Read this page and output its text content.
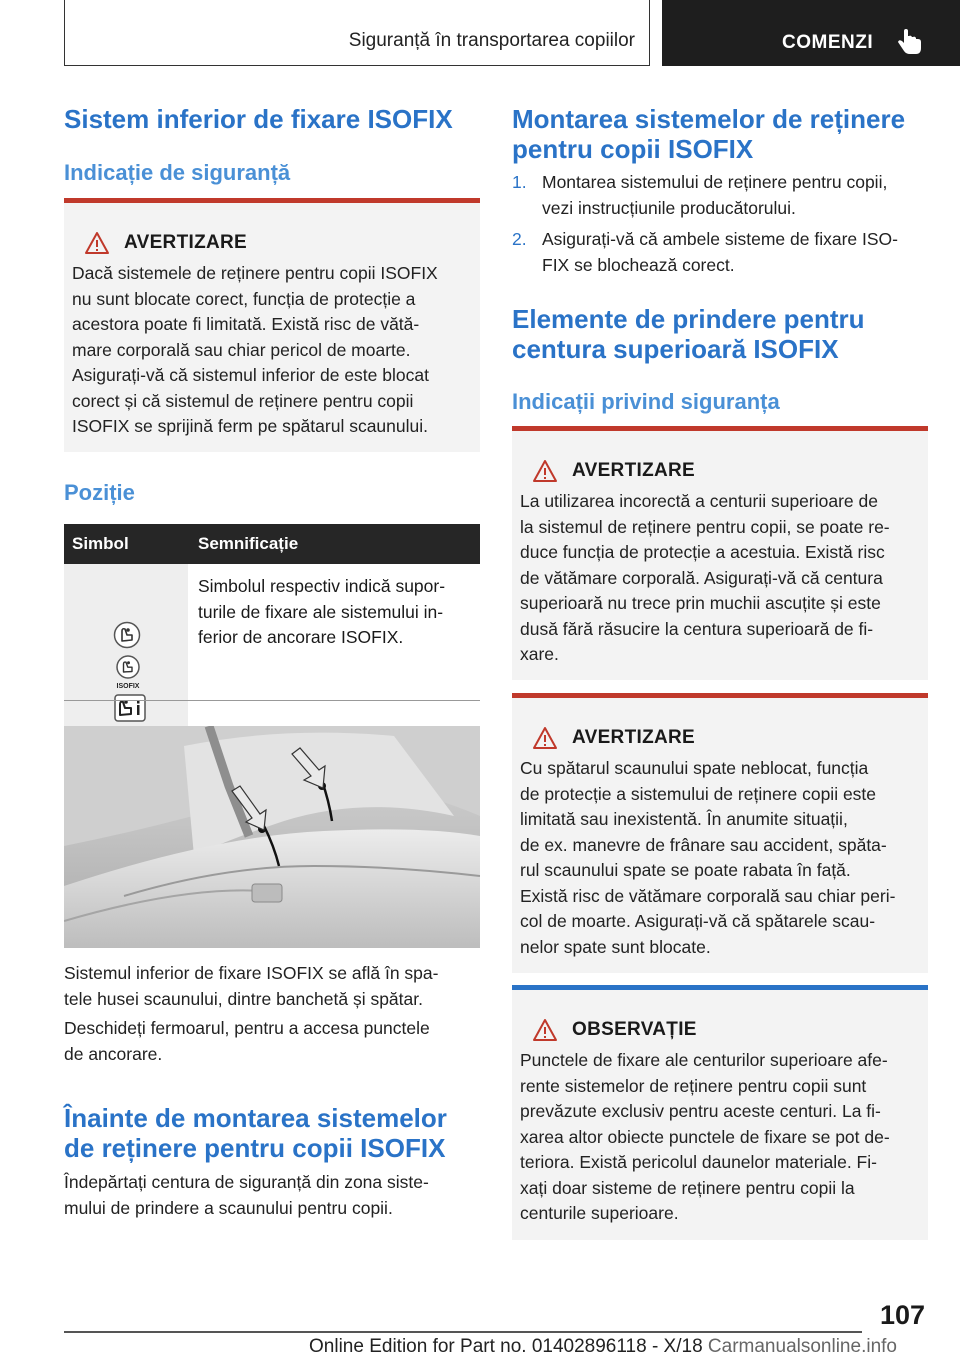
Siguranță în transportarea copiilor	COMENZI
Sistem inferior de fixare ISOFIX
Indicație de siguranță
AVERTIZARE
Dacă sistemele de reținere pentru copii ISOFIX
nu sunt blocate corect, funcția de protecție a
acestora poate fi limitată. Există risc de vătă-
mare corporală sau chiar pericol de moarte.
Asigurați-vă că sistemul inferior de este blocat
corect și că sistemul de reținere pentru copii
ISOFIX se sprijină ferm pe spătarul scaunului.
Poziție
Simbol	Semnificație

ISOFIX	Simbolul respectiv indică supor-
turile de fixare ale sistemului in-
ferior de ancorare ISOFIX.
Sistemul inferior de fixare ISOFIX se află în spa-
tele husei scaunului, dintre banchetă și spătar.
Deschideți fermoarul, pentru a accesa punctele
de ancorare.
Înainte de montarea sistemelor
de reținere pentru copii ISOFIX
Îndepărtați centura de siguranță din zona siste-
mului de prindere a scaunului pentru copii.
Montarea sistemelor de reținere
pentru copii ISOFIX
1. Montarea sistemului de reținere pentru copii,
vezi instrucțiunile producătorului.
2. Asigurați-vă că ambele sisteme de fixare ISO-
FIX se blochează corect.
Elemente de prindere pentru
centura superioară ISOFIX
Indicații privind siguranța
AVERTIZARE
La utilizarea incorectă a centurii superioare de
la sistemul de reținere pentru copii, se poate re-
duce funcția de protecție a acestuia. Există risc
de vătămare corporală. Asigurați-vă că centura
superioară nu trece prin muchii ascuțite și este
dusă fără răsucire la centura superioară de fi-
xare.
AVERTIZARE
Cu spătarul scaunului spate neblocat, funcția
de protecție a sistemului de reținere copii este
limitată sau inexistentă. În anumite situații,
de ex. manevre de frânare sau accident, spăta-
rul scaunului spate se poate rabata în față.
Există risc de vătămare corporală sau chiar peri-
col de moarte. Asigurați-vă că spătarele scau-
nelor spate sunt blocate.
OBSERVAȚIE
Punctele de fixare ale centurilor superioare afe-
rente sistemelor de reținere pentru copii sunt
prevăzute exclusiv pentru aceste centuri. La fi-
xarea altor obiecte punctele de fixare se pot de-
teriora. Există pericolul daunelor materiale. Fi-
xați doar sisteme de reținere pentru copii la
centurile superioare.
107
Online Edition for Part no. 01402896118 - X/18 Carmanualsonline.info
